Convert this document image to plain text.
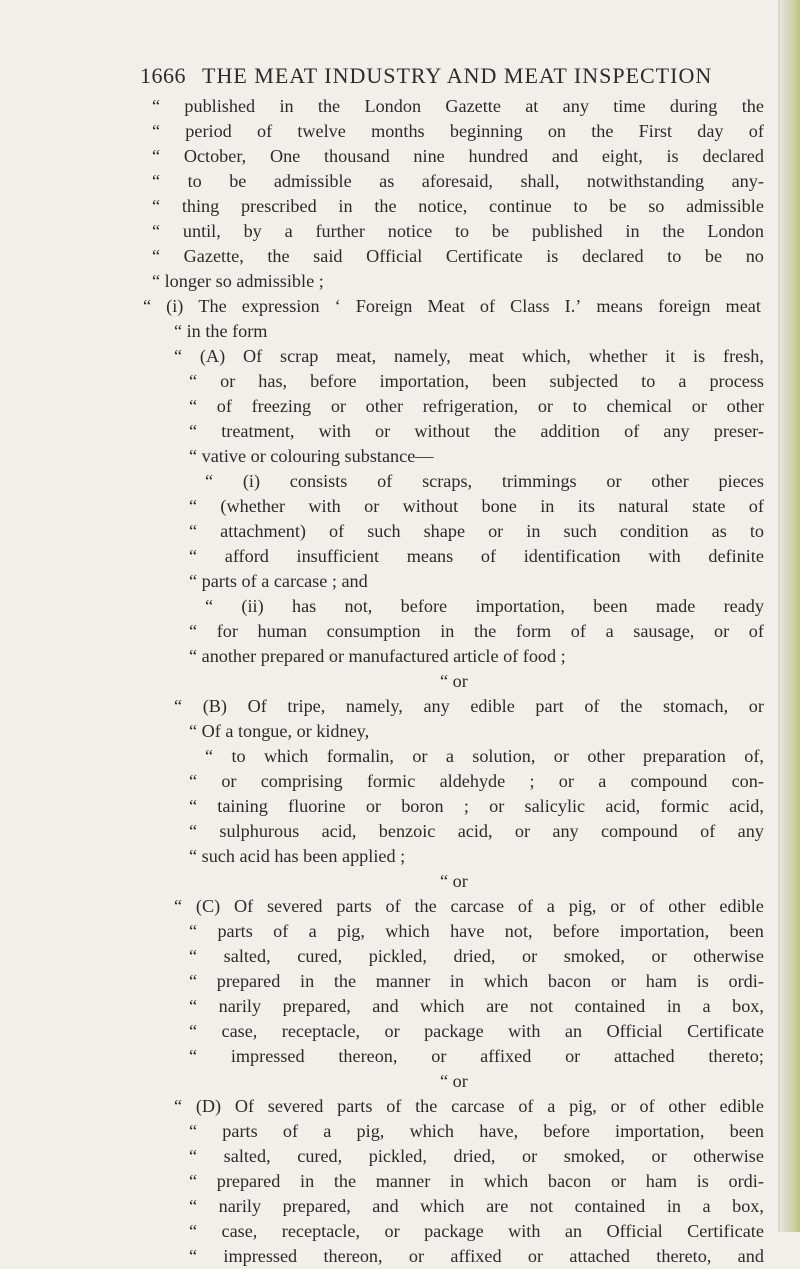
1666 THE MEAT INDUSTRY AND MEAT INSPECTION
“ published in the London Gazette at any time during the
“ period of twelve months beginning on the First day of
“ October, One thousand nine hundred and eight, is declared
“ to be admissible as aforesaid, shall, notwithstanding any-
“ thing prescribed in the notice, continue to be so admissible
“ until, by a further notice to be published in the London
“ Gazette, the said Official Certificate is declared to be no
“ longer so admissible ;
“ (i) The expression ‘ Foreign Meat of Class I.’ means foreign meat
“ in the form
“ (A) Of scrap meat, namely, meat which, whether it is fresh,
“ or has, before importation, been subjected to a process
“ of freezing or other refrigeration, or to chemical or other
“ treatment, with or without the addition of any preser-
“ vative or colouring substance—
“ (i) consists of scraps, trimmings or other pieces
“ (whether with or without bone in its natural state of
“ attachment) of such shape or in such condition as to
“ afford insufficient means of identification with definite
“ parts of a carcase ; and
“ (ii) has not, before importation, been made ready
“ for human consumption in the form of a sausage, or of
“ another prepared or manufactured article of food ;
“ or
“ (B) Of tripe, namely, any edible part of the stomach, or
“ Of a tongue, or kidney,
“ to which formalin, or a solution, or other preparation of,
“ or comprising formic aldehyde ; or a compound con-
“ taining fluorine or boron ; or salicylic acid, formic acid,
“ sulphurous acid, benzoic acid, or any compound of any
“ such acid has been applied ;
“ or
“ (C) Of severed parts of the carcase of a pig, or of other edible
“ parts of a pig, which have not, before importation, been
“ salted, cured, pickled, dried, or smoked, or otherwise
“ prepared in the manner in which bacon or ham is ordi-
“ narily prepared, and which are not contained in a box,
“ case, receptacle, or package with an Official Certificate
“ impressed thereon, or affixed or attached thereto;
“ or
“ (D) Of severed parts of the carcase of a pig, or of other edible
“ parts of a pig, which have, before importation, been
“ salted, cured, pickled, dried, or smoked, or otherwise
“ prepared in the manner in which bacon or ham is ordi-
“ narily prepared, and which are not contained in a box,
“ case, receptacle, or package with an Official Certificate
“ impressed thereon, or affixed or attached thereto, and
